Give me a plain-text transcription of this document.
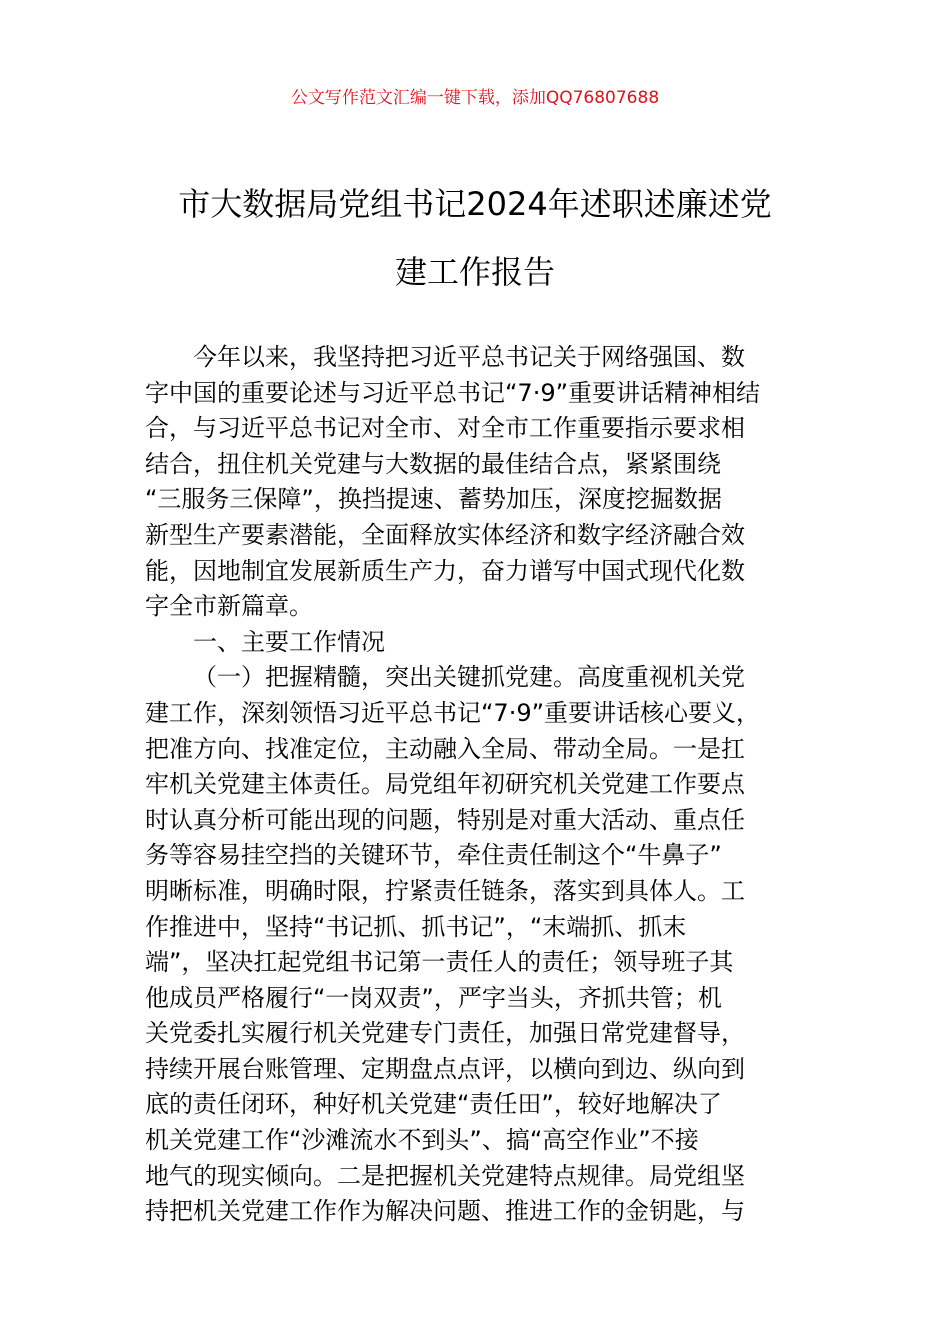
公文写作范文汇编一键下载，添加QQ76807688
市大数据局党组书记2024年述职述廉述党
建工作报告
今年以来，我坚持把习近平总书记关于网络强国、数
字中国的重要论述与习近平总书记“7·9”重要讲话精神相结
合，与习近平总书记对全市、对全市工作重要指示要求相
结合，扭住机关党建与大数据的最佳结合点，紧紧围绕
“三服务三保障”，换挡提速、蓄势加压，深度挖掘数据
新型生产要素潜能，全面释放实体经济和数字经济融合效
能，因地制宜发展新质生产力，奋力谱写中国式现代化数
字全市新篇章。
一、主要工作情况
（一）把握精髓，突出关键抓党建。高度重视机关党
建工作，深刻领悟习近平总书记“7·9”重要讲话核心要义，
把准方向、找准定位，主动融入全局、带动全局。一是扛
牢机关党建主体责任。局党组年初研究机关党建工作要点
时认真分析可能出现的问题，特别是对重大活动、重点任
务等容易挂空挡的关键环节，牵住责任制这个“牛鼻子”
明晰标准，明确时限，拧紧责任链条，落实到具体人。工
作推进中，坚持“书记抓、抓书记”，“末端抓、抓末
端”，坚决扛起党组书记第一责任人的责任；领导班子其
他成员严格履行“一岗双责”，严字当头，齐抓共管；机
关党委扎实履行机关党建专门责任，加强日常党建督导，
持续开展台账管理、定期盘点点评，以横向到边、纵向到
底的责任闭环，种好机关党建“责任田”，较好地解决了
机关党建工作“沙滩流水不到头”、搞“高空作业”不接
地气的现实倾向。二是把握机关党建特点规律。局党组坚
持把机关党建工作作为解决问题、推进工作的金钥匙，与
